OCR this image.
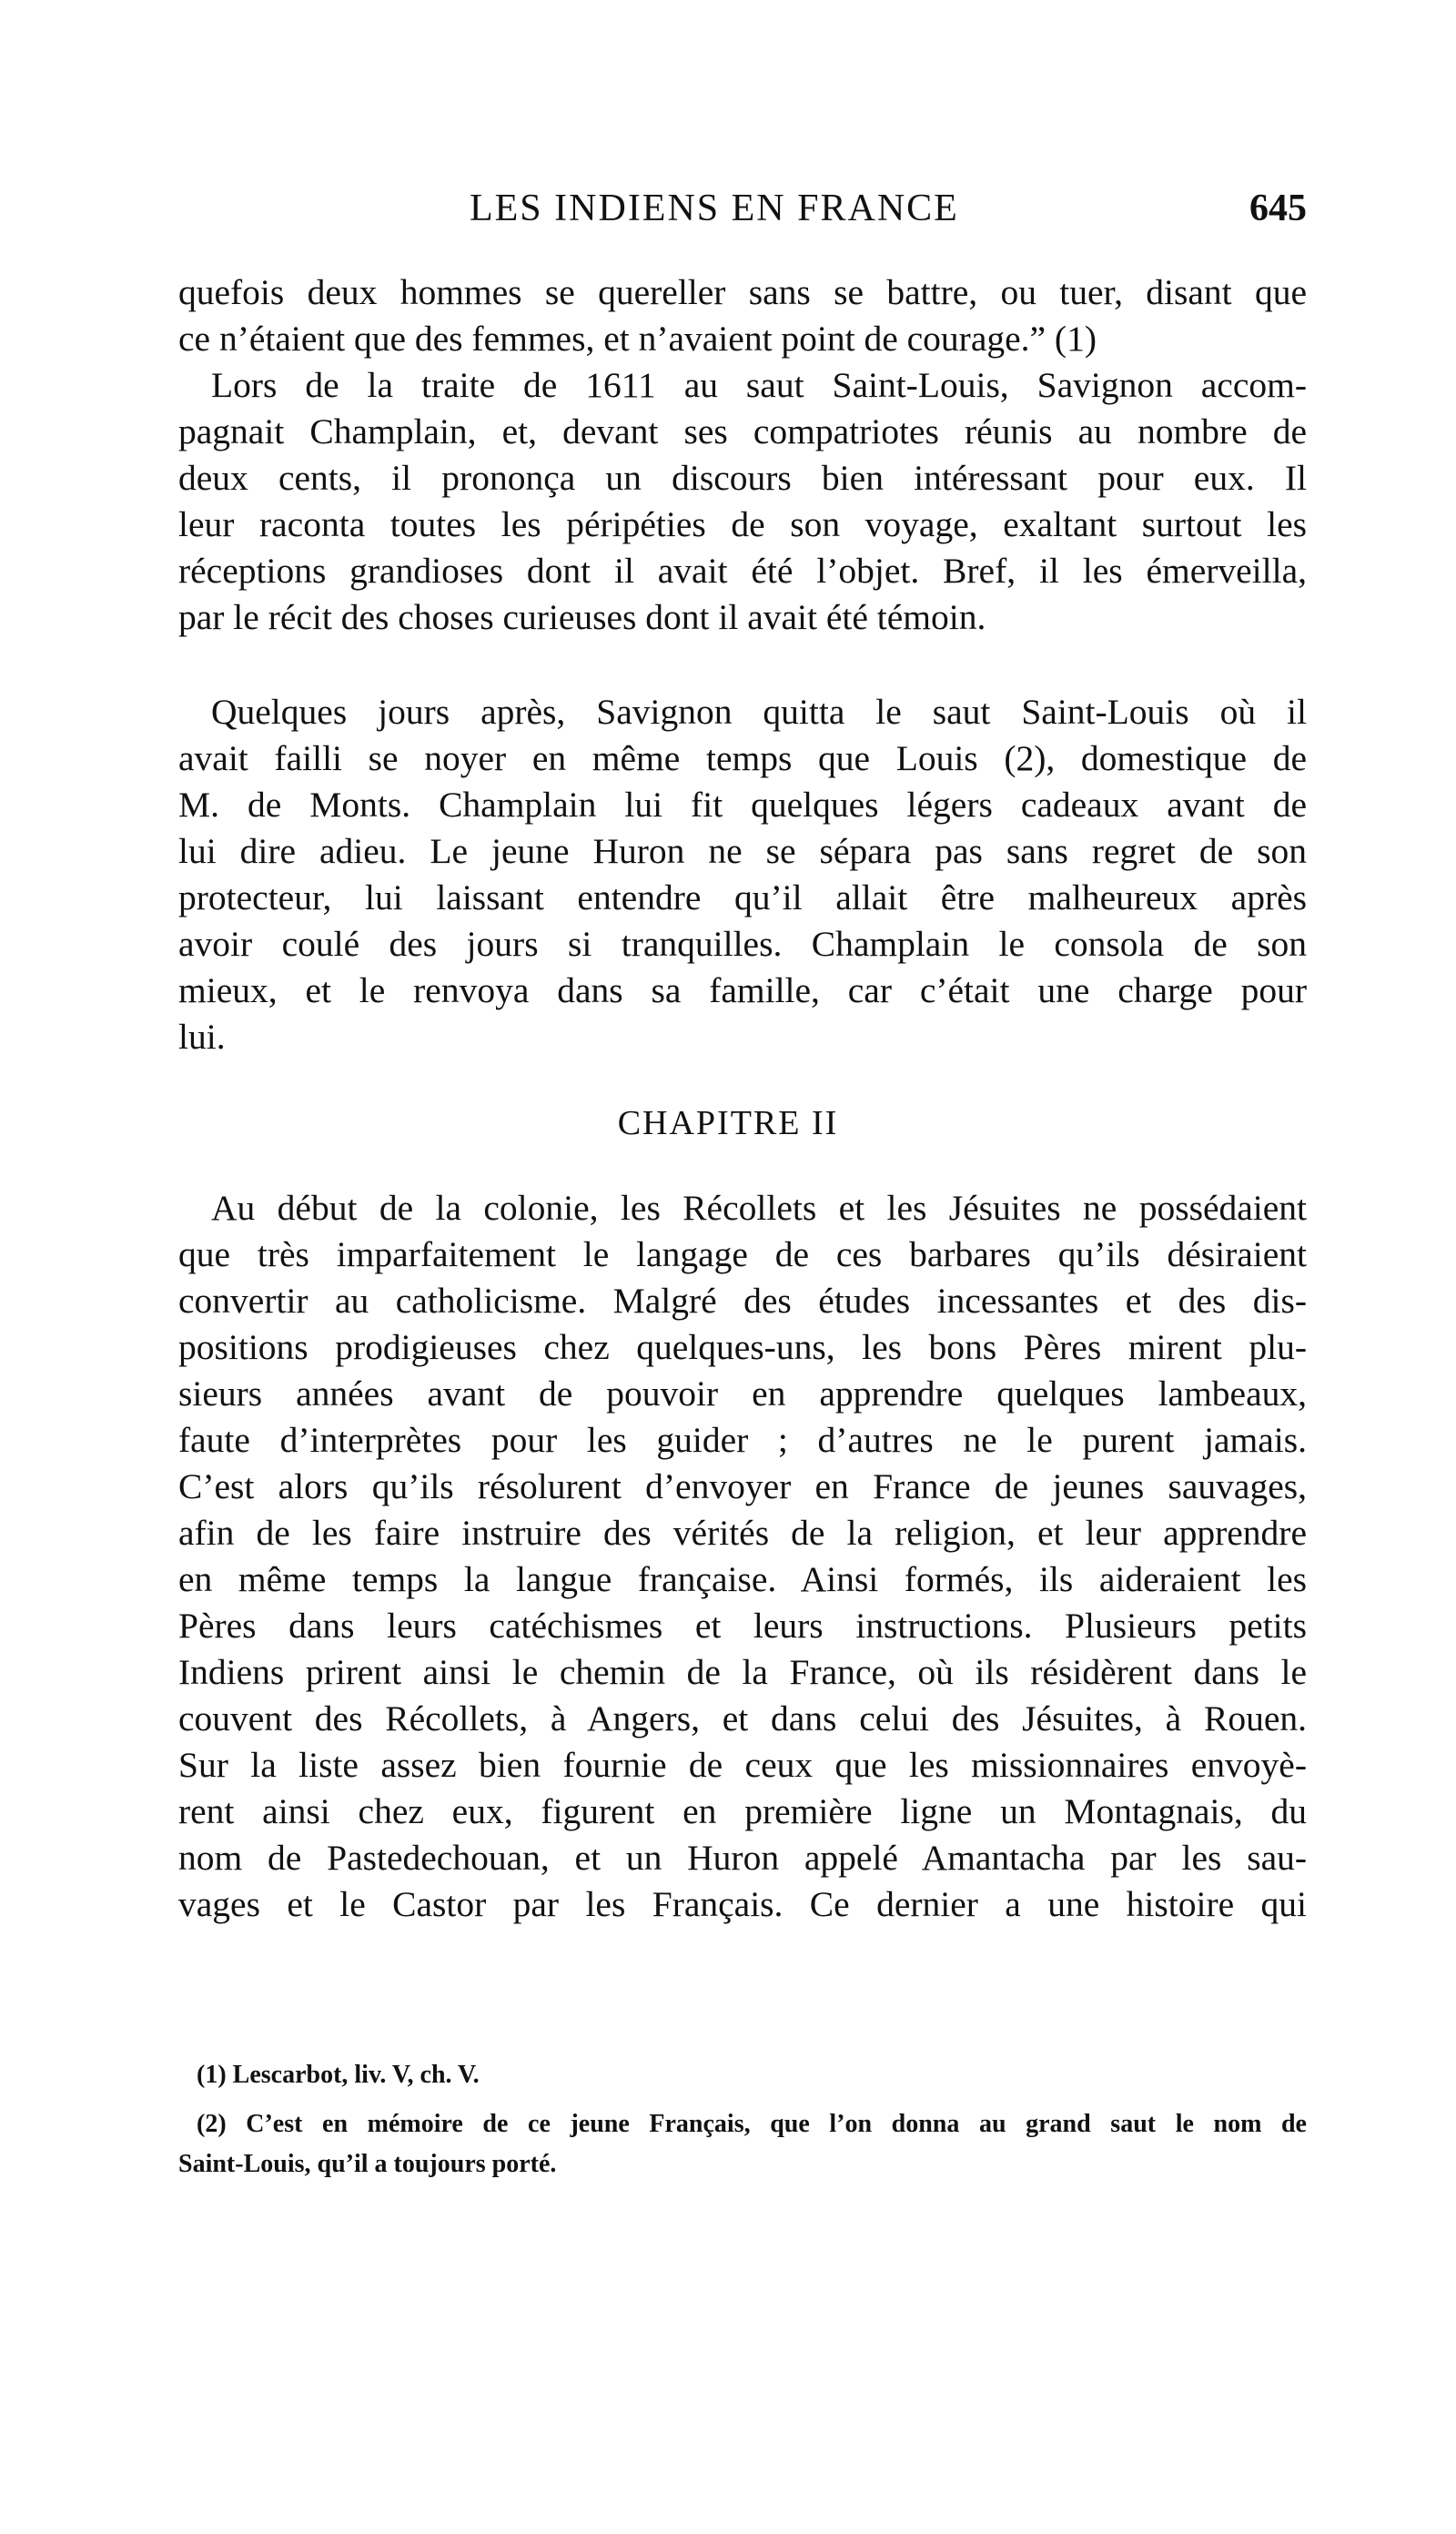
LES INDIENS EN FRANCE	645
quefois deux hommes se quereller sans se battre, ou tuer, disant que
ce n’étaient que des femmes, et n’avaient point de courage.” (1)
Lors de la traite de 1611 au saut Saint-Louis, Savignon accom-
pagnait Champlain, et, devant ses compatriotes réunis au nombre de
deux cents, il prononça un discours bien intéressant pour eux. Il
leur raconta toutes les péripéties de son voyage, exaltant surtout les
réceptions grandioses dont il avait été l’objet. Bref, il les émerveilla,
par le récit des choses curieuses dont il avait été témoin.
Quelques jours après, Savignon quitta le saut Saint-Louis où il
avait failli se noyer en même temps que Louis (2), domestique de
M. de Monts. Champlain lui fit quelques légers cadeaux avant de
lui dire adieu. Le jeune Huron ne se sépara pas sans regret de son
protecteur, lui laissant entendre qu’il allait être malheureux après
avoir coulé des jours si tranquilles. Champlain le consola de son
mieux, et le renvoya dans sa famille, car c’était une charge pour
lui.
CHAPITRE II
Au début de la colonie, les Récollets et les Jésuites ne possédaient
que très imparfaitement le langage de ces barbares qu’ils désiraient
convertir au catholicisme. Malgré des études incessantes et des dis-
positions prodigieuses chez quelques-uns, les bons Pères mirent plu-
sieurs années avant de pouvoir en apprendre quelques lambeaux,
faute d’interprètes pour les guider ; d’autres ne le purent jamais.
C’est alors qu’ils résolurent d’envoyer en France de jeunes sauvages,
afin de les faire instruire des vérités de la religion, et leur apprendre
en même temps la langue française. Ainsi formés, ils aideraient les
Pères dans leurs catéchismes et leurs instructions. Plusieurs petits
Indiens prirent ainsi le chemin de la France, où ils résidèrent dans le
couvent des Récollets, à Angers, et dans celui des Jésuites, à Rouen.
Sur la liste assez bien fournie de ceux que les missionnaires envoyè-
rent ainsi chez eux, figurent en première ligne un Montagnais, du
nom de Pastedechouan, et un Huron appelé Amantacha par les sau-
vages et le Castor par les Français. Ce dernier a une histoire qui
(1) Lescarbot, liv. V, ch. V.
(2) C’est en mémoire de ce jeune Français, que l’on donna au grand saut le nom de
Saint-Louis, qu’il a toujours porté.
